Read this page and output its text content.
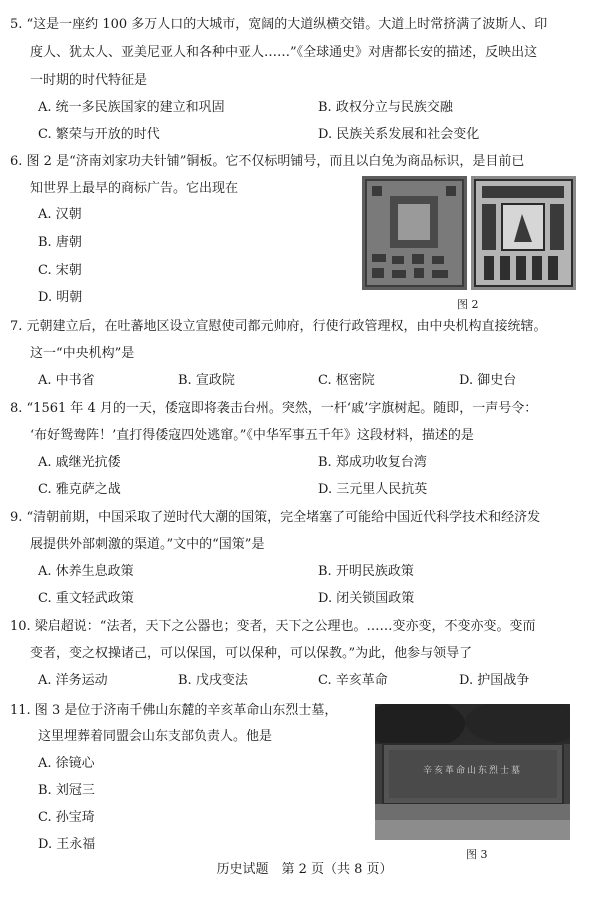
5. “这是一座约 100 多万人口的大城市，宽阔的大道纵横交错。大道上时常挤满了波斯人、印
度人、犹太人、亚美尼亚人和各种中亚人……”《全球通史》对唐都长安的描述，反映出这
一时期的时代特征是
A. 统一多民族国家的建立和巩固	B. 政权分立与民族交融
C. 繁荣与开放的时代	D. 民族关系发展和社会变化
6. 图 2 是“济南刘家功夫针铺”铜板。它不仅标明铺号，而且以白兔为商品标识，是目前已
知世界上最早的商标广告。它出现在
A. 汉朝
B. 唐朝
C. 宋朝
D. 明朝	图 2
7. 元朝建立后，在吐蕃地区设立宣慰使司都元帅府，行使行政管理权，由中央机构直接统辖。
这一“中央机构”是
A. 中书省	B. 宣政院	C. 枢密院	D. 御史台
8. “1561 年 4 月的一天，倭寇即将袭击台州。突然，一杆‘戚’字旗树起。随即，一声号令：
‘布好鸳鸯阵！’直打得倭寇四处逃窜。”《中华军事五千年》这段材料，描述的是
A. 戚继光抗倭	B. 郑成功收复台湾
C. 雅克萨之战	D. 三元里人民抗英
9. “清朝前期，中国采取了逆时代大潮的国策，完全堵塞了可能给中国近代科学技术和经济发
展提供外部刺激的渠道。”文中的“国策”是
A. 休养生息政策	B. 开明民族政策
C. 重文轻武政策	D. 闭关锁国政策
10. 梁启超说：“法者，天下之公器也；变者，天下之公理也。……变亦变，不变亦变。变而
变者，变之权操诸己，可以保国，可以保种，可以保教。”为此，他参与领导了
A. 洋务运动	B. 戊戌变法	C. 辛亥革命	D. 护国战争
11. 图 3 是位于济南千佛山东麓的辛亥革命山东烈士墓，
这里埋葬着同盟会山东支部负责人。他是
A. 徐镜心
B. 刘冠三
C. 孙宝琦
D. 王永福
辛亥革命山东烈士墓
图 3
历史试题　第 2 页（共 8 页）
